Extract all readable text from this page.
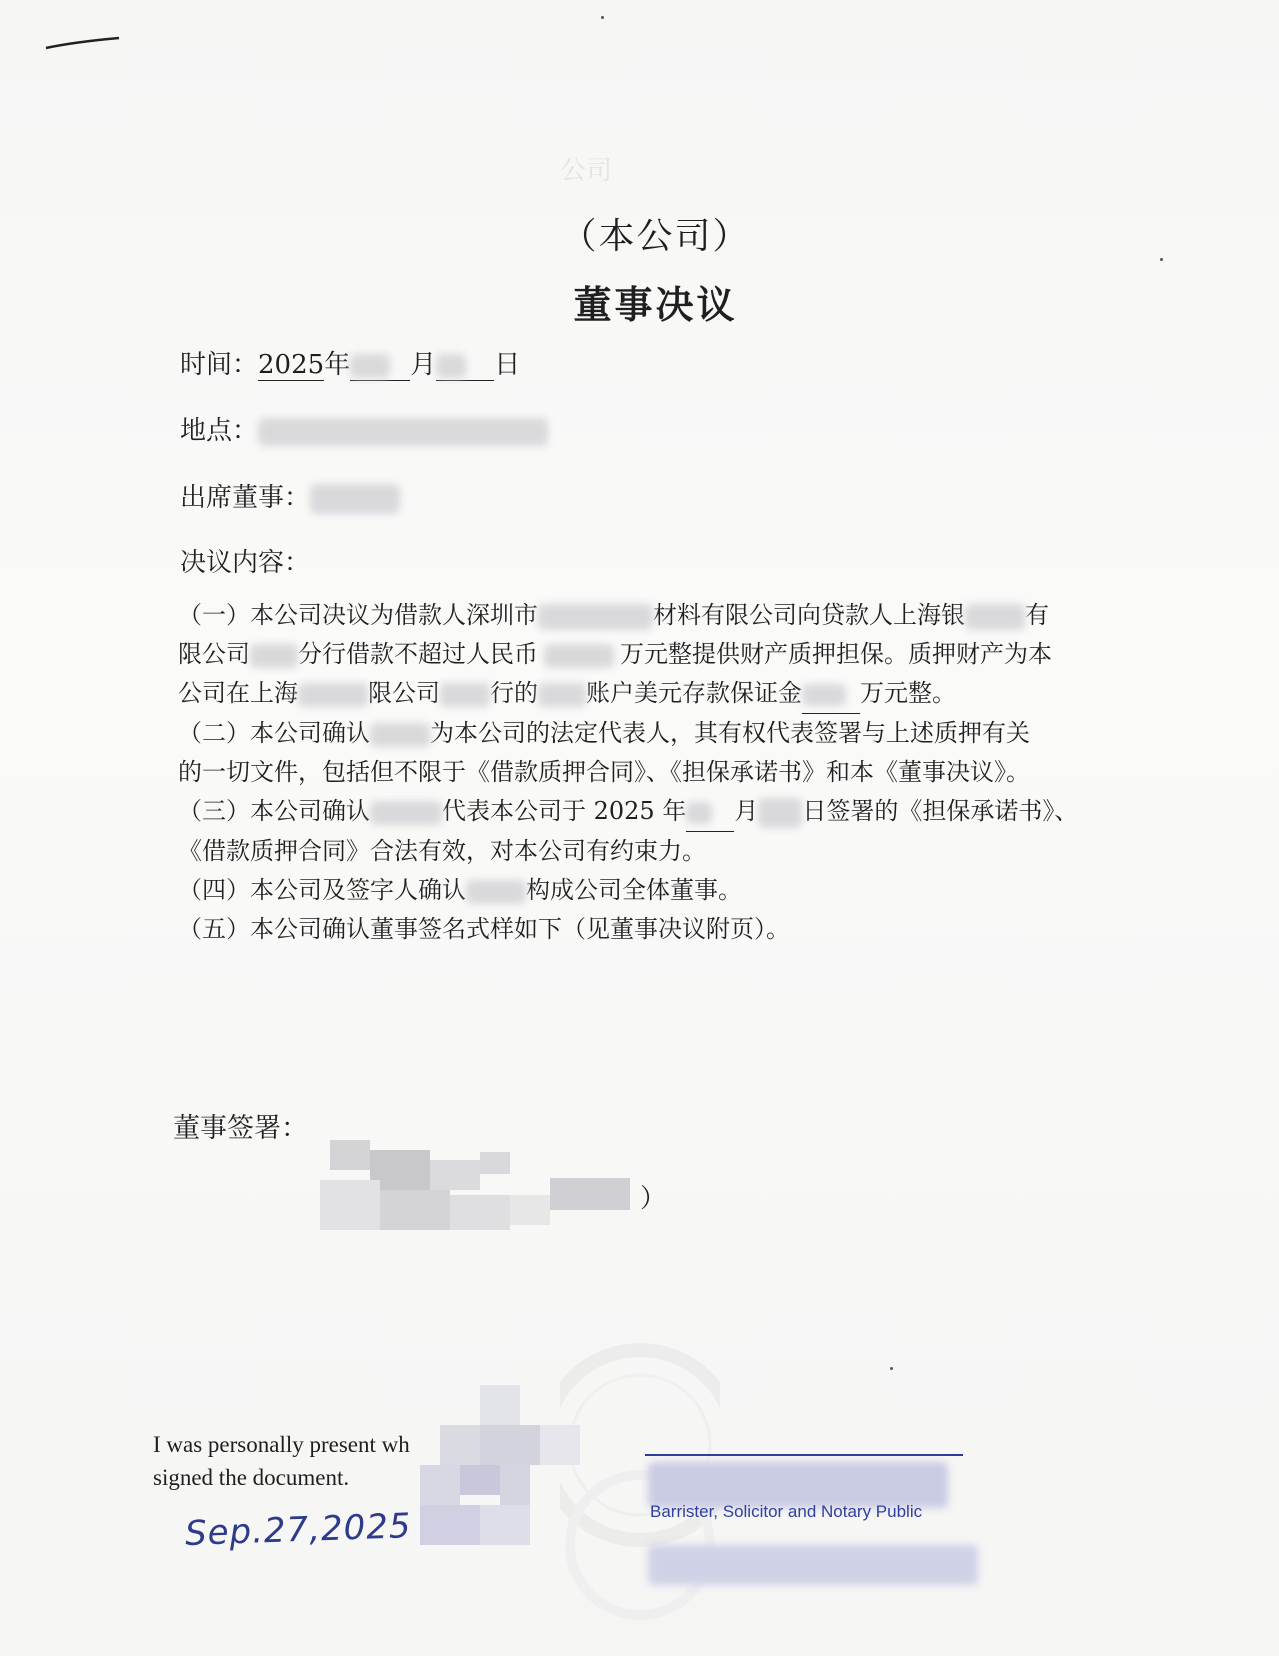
公司
（本公司）
董事决议
时间：2025年 月 日
地点：
出席董事：
决议内容：
（一）本公司决议为借款人深圳市	材料有限公司向贷款人上海银	有
限公司 分行借款不超过人民币	万元整提供财产质押担保。质押财产为本
公司在上海	限公司 行的 账户美元存款保证金 万元整。
（二）本公司确认	为本公司的法定代表人，其有权代表签署与上述质押有关
的一切文件，包括但不限于《借款质押合同》、《担保承诺书》和本《董事决议》。
（三）本公司确认	代表本公司于 2025 年 月 日签署的《担保承诺书》、
《借款质押合同》合法有效，对本公司有约束力。
（四）本公司及签字人确认	构成公司全体董事。
（五）本公司确认董事签名式样如下（见董事决议附页）。
董事签署：
）
I was personally present wh
signed the document.
Sep.27,2025	Barrister, Solicitor and Notary Public
